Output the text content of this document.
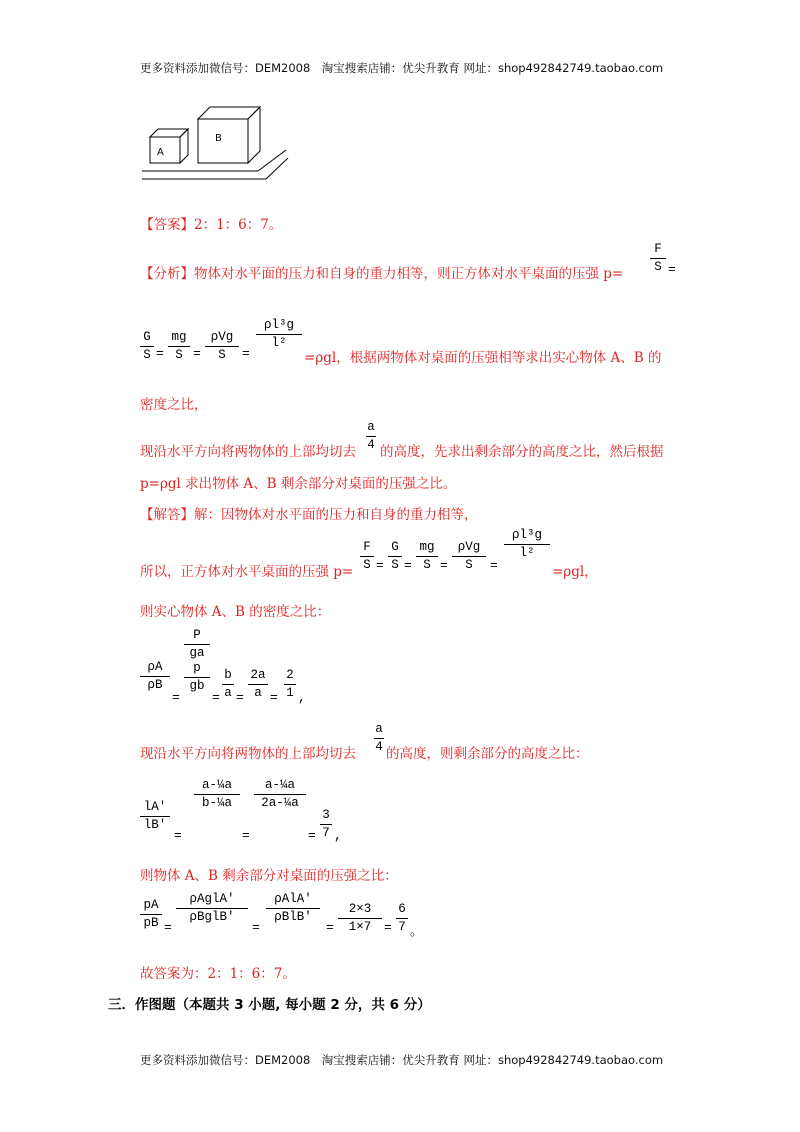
更多资料添加微信号：DEM2008　淘宝搜索店铺：优尖升教育 网址：shop492842749.taobao.com
A
B
【答案】2：1：6：7。
【分析】物体对水平面的压力和自身的重力相等，则正方体对水平桌面的压强 p=
F
S =
G
S =
mg
S =
ρVg
S	=
ρl³g
l²
=ρgl，根据两物体对桌面的压强相等求出实心物体 A、B 的
密度之比，
现沿水平方向将两物体的上部均切去
a
4 的高度，先求出剩余部分的高度之比，然后根据
p=ρgl 求出物体 A、B 剩余部分对桌面的压强之比。
【解答】解：因物体对水平面的压力和自身的重力相等，
所以，正方体对水平桌面的压强 p=
F
S =
G
S =
mg
S =
ρVg
S	=
ρl³g
l²
=ρgl，
则实心物体 A、B 的密度之比：
ρA
ρB
=
P
ga
p
gb
=
b
a =
2a
a =
2
1 ,
现沿水平方向将两物体的上部均切去
a
4 的高度，则剩余部分的高度之比：
lA′
lB′
=
a-¼a
b-¼a
=
a-¼a
2a-¼a
=
3
7 ,
则物体 A、B 剩余部分对桌面的压强之比：
pA
pB =
ρAglA′
ρBglB′
=
ρAlA′
ρBlB′
=
2×3
1×7 =
6
7 。
故答案为：2：1：6：7。
三．作图题（本题共 3 小题, 每小题 2 分，共 6 分）
更多资料添加微信号：DEM2008　淘宝搜索店铺：优尖升教育 网址：shop492842749.taobao.com
